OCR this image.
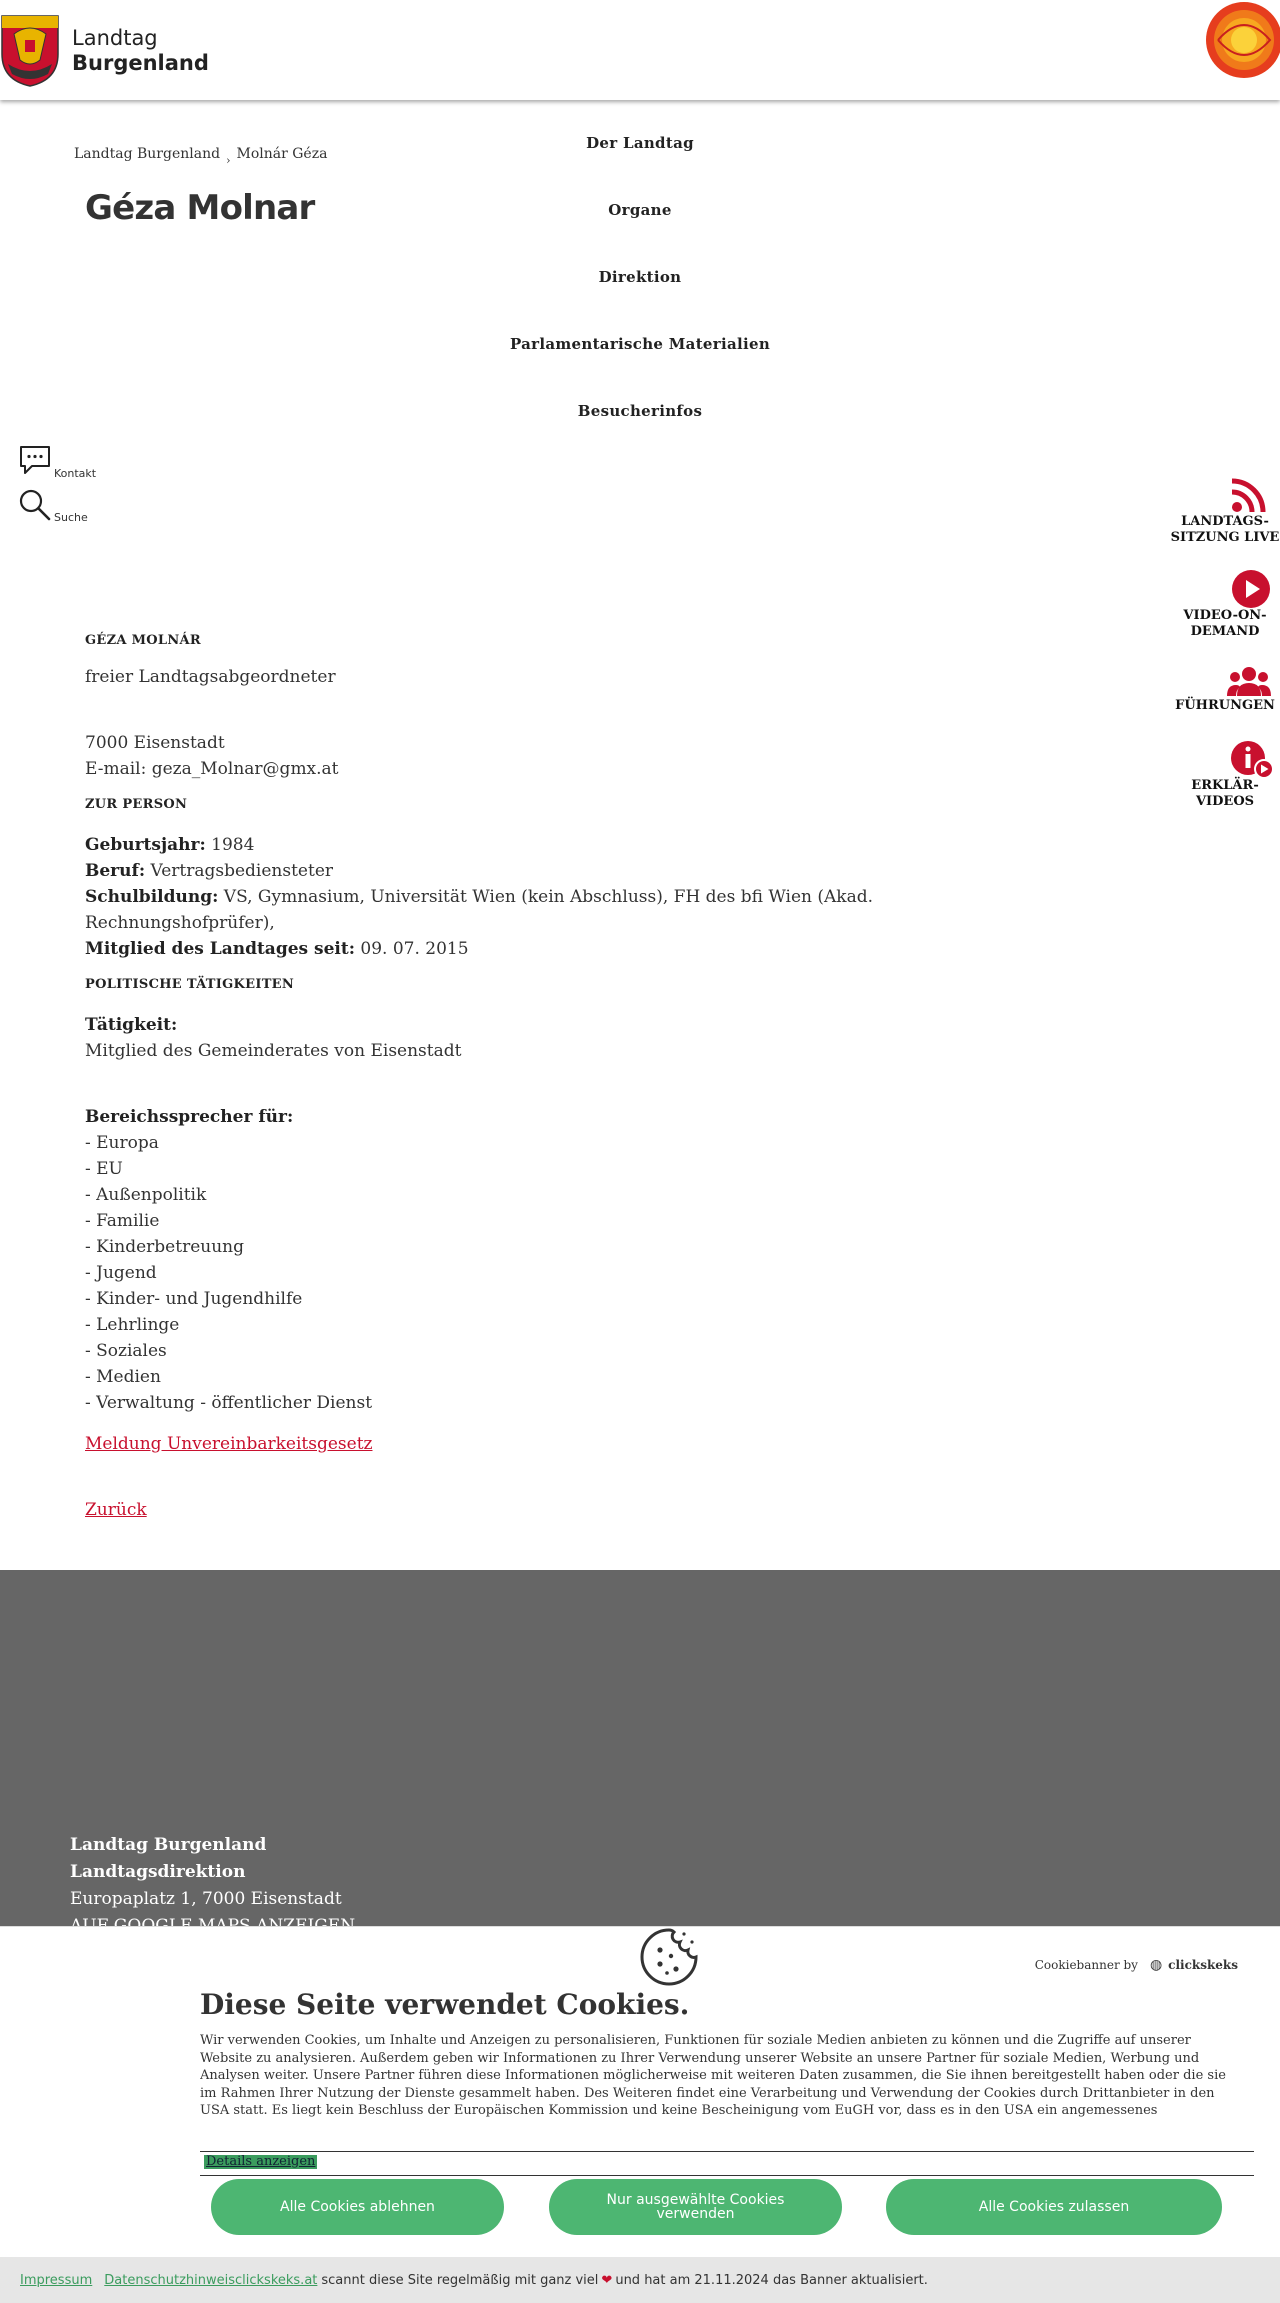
Landtag
Burgenland
Der Landtag
Organe
Direktion
Parlamentarische Materialien
Besucherinfos
Landtag Burgenland $_›$ Molnár Géza
Géza Molnar
Kontakt
Suche	LANDTAGS-
SITZUNG LIVE
VIDEO-ON-
DEMAND
FÜHRUNGEN
ERKLÄR-
VIDEOS
GÉZA MOLNÁR

freier Landtagsabgeordneter

7000 Eisenstadt

E-mail: geza_Molnar@gmx.at

ZUR PERSON

Geburtsjahr: 1984

Beruf: Vertragsbediensteter

Schulbildung: VS, Gymnasium, Universität Wien (kein Abschluss), FH des bfi Wien (Akad. Rechnungshofprüfer),

Mitglied des Landtages seit: 09. 07. 2015

POLITISCHE TÄTIGKEITEN

Tätigkeit:

Mitglied des Gemeinderates von Eisenstadt

Bereichssprecher für:

- Europa

- EU

- Außenpolitik

- Familie

- Kinderbetreuung

- Jugend

- Kinder- und Jugendhilfe

- Lehrlinge

- Soziales

- Medien

- Verwaltung - öffentlicher Dienst

Meldung Unvereinbarkeitsgesetz

Zurück

Landtag Burgenland
Landtagsdirektion
Europaplatz 1, 7000 Eisenstadt
Cookiebanner by ◍ clickskeks
Diese Seite verwendet Cookies.
Wir verwenden Cookies, um Inhalte und Anzeigen zu personalisieren, Funktionen für soziale Medien anbieten zu können und die Zugriffe auf unserer Website zu analysieren. Außerdem geben wir Informationen zu Ihrer Verwendung unserer Website an unsere Partner für soziale Medien, Werbung und Analysen weiter. Unsere Partner führen diese Informationen möglicherweise mit weiteren Daten zusammen, die Sie ihnen bereitgestellt haben oder die sie im Rahmen Ihrer Nutzung der Dienste gesammelt haben. Des Weiteren findet eine Verarbeitung und Verwendung der Cookies durch Drittanbieter in den USA statt. Es liegt kein Beschluss der Europäischen Kommission und keine Bescheinigung vom EuGH vor, dass es in den USA ein angemessenes
Details anzeigen
Alle Cookies ablehnen	Nur ausgewählte Cookies
verwenden	Alle Cookies zulassen
Impressum Datenschutzhinweisclickskeks.at scannt diese Site regelmäßig mit ganz viel ❤ und hat am 21.11.2024 das Banner aktualisiert.
